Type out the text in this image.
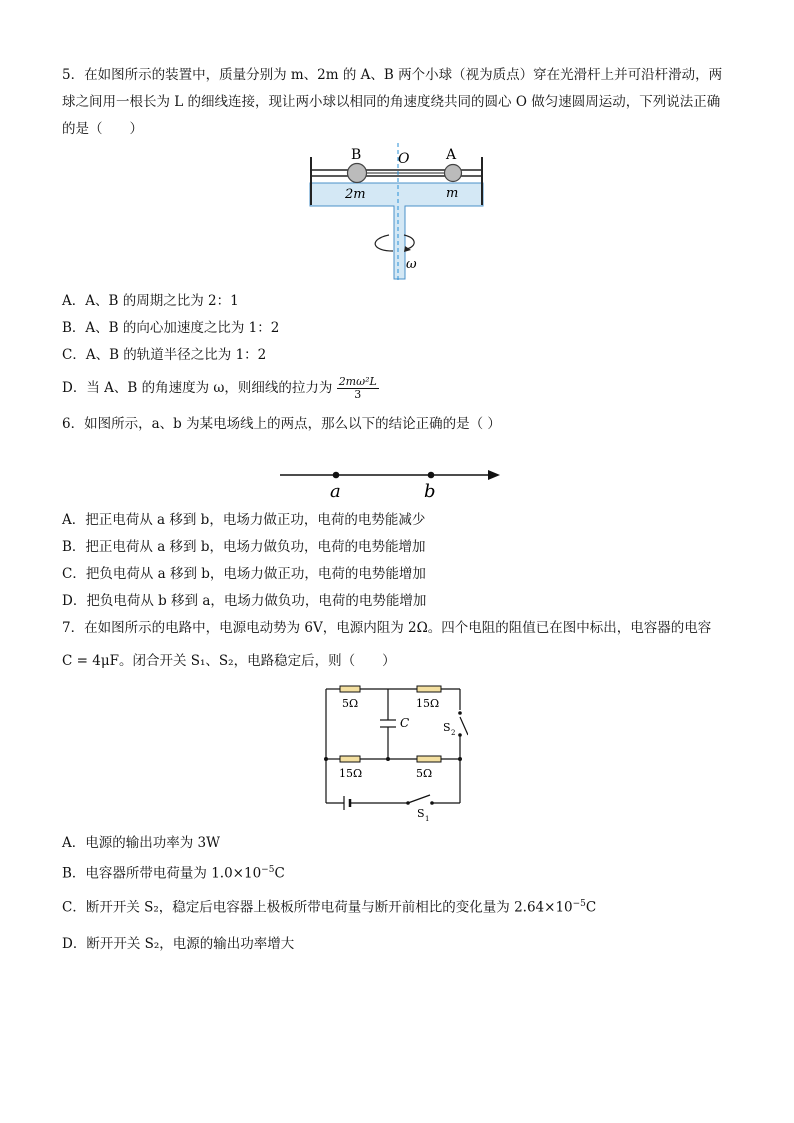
5．在如图所示的装置中，质量分别为 m、2m 的 A、B 两个小球（视为质点）穿在光滑杆上并可沿杆滑动，两
球之间用一根长为 L 的细线连接，现让两小球以相同的角速度绕共同的圆心 O 做匀速圆周运动，下列说法正确
的是（　　）
B	O	A
2m	m
ω
A．A、B 的周期之比为 2：1
B．A、B 的向心加速度之比为 1：2
C．A、B 的轨道半径之比为 1：2
D．当 A、B 的角速度为 ω，则细线的拉力为 $\frac{\text{2mω²L}}{3}$
6．如图所示，a、b 为某电场线上的两点，那么以下的结论正确的是（ ）
a	b
A．把正电荷从 a 移到 b，电场力做正功，电荷的电势能减少
B．把正电荷从 a 移到 b，电场力做负功，电荷的电势能增加
C．把负电荷从 a 移到 b，电场力做正功，电荷的电势能增加
D．把负电荷从 b 移到 a，电场力做负功，电荷的电势能增加
7．在如图所示的电路中，电源电动势为 6V，电源内阻为 2Ω。四个电阻的阻值已在图中标出，电容器的电容
C = 4μF。闭合开关 S₁、S₂，电路稳定后，则（　　）
5Ω	15Ω
C
15Ω	5Ω
S 2
S 1
A．电源的输出功率为 3W
B．电容器所带电荷量为 $1.0\times 10^{-5}C$
C．断开开关 S₂，稳定后电容器上极板所带电荷量与断开前相比的变化量为 $2.64\times 10^{-5}C$
D．断开开关 S₂，电源的输出功率增大
